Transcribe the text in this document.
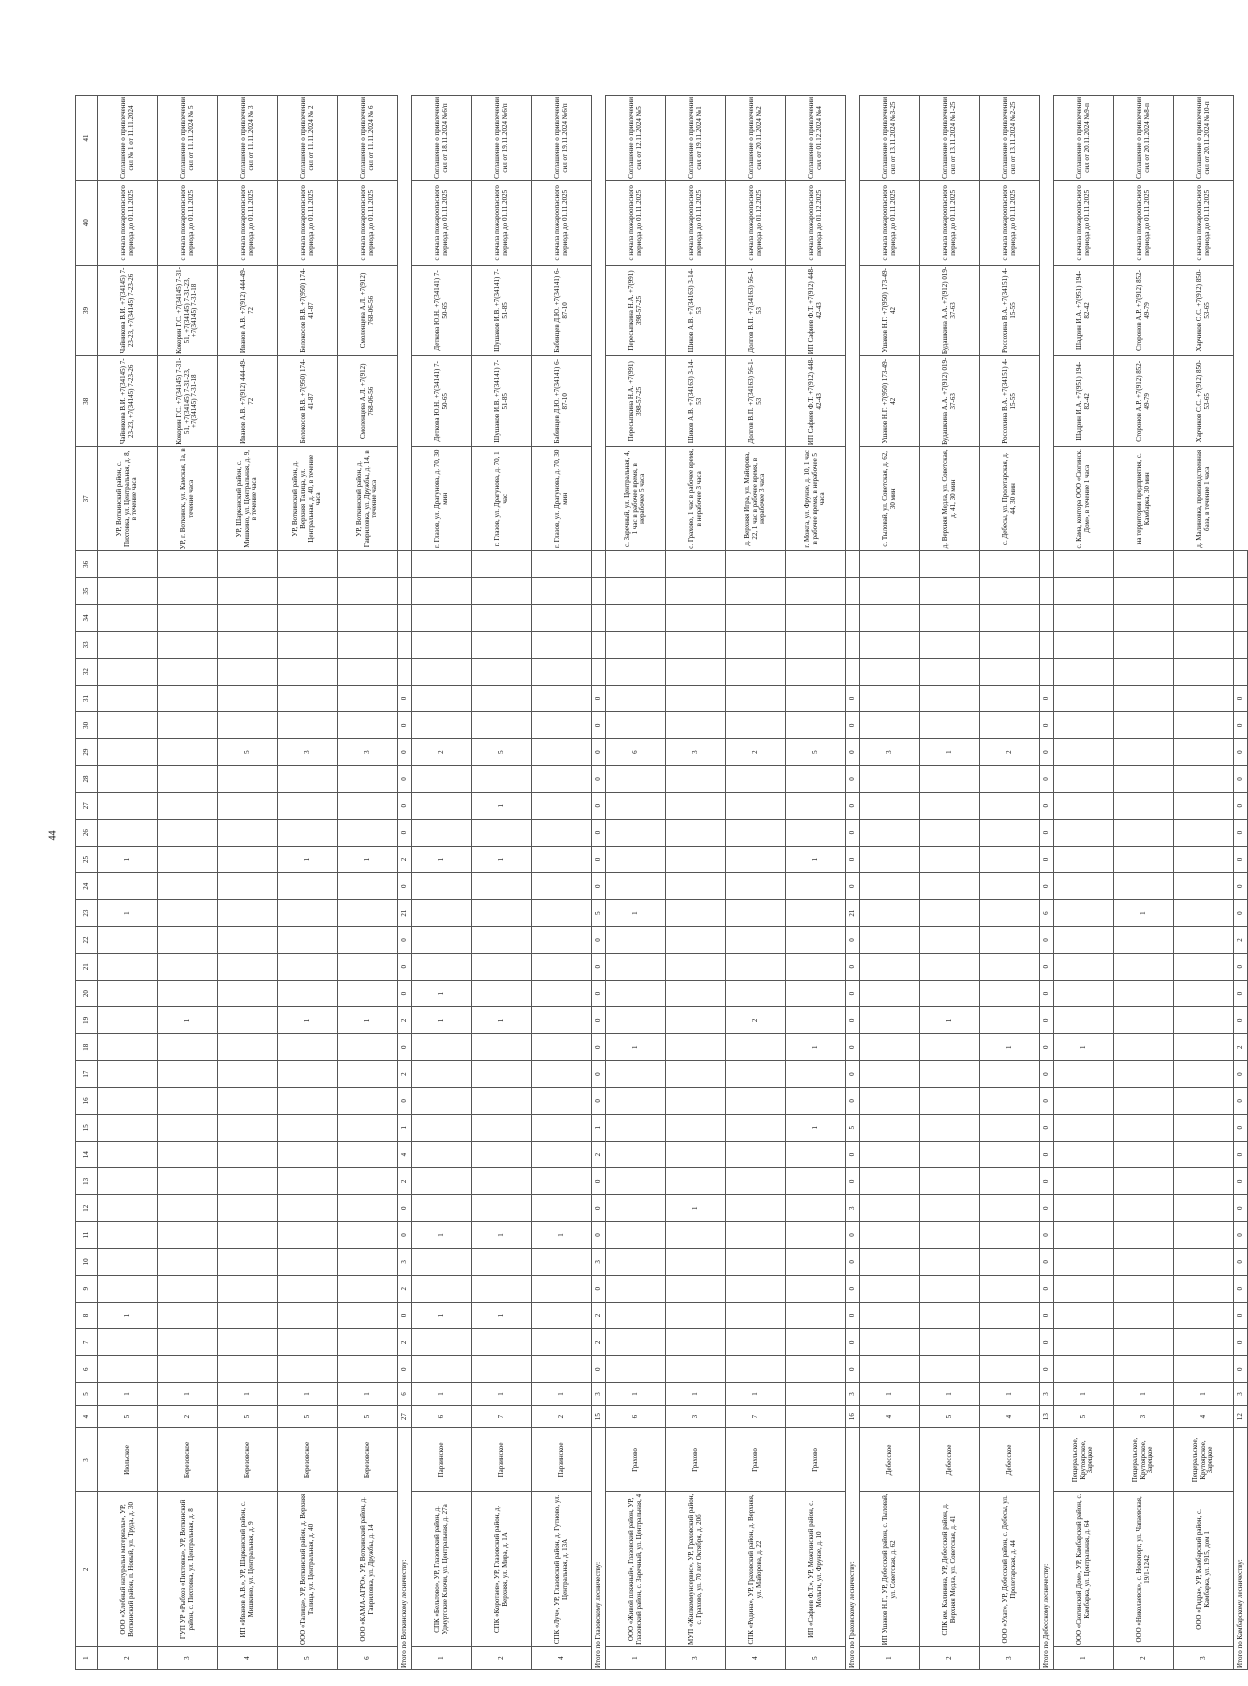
44
1	2	3	4	5	6	7	8	9	10	11	12	13	14	15	16	17	18	19	20	21	22	23	24	25	26	27	28	29	30	31	32	33	34	35	36	37	38	39	40	41
2	ООО «Хлебный натуральн материалы», УР, Воткинский район, п. Новый, ул. Труда, д. 30	Июльское	5	1			1															1		1												УР, Воткинский район, с. Пихтовка, ул. Центральная, д. 8, в течение часа	Чайникова В.И. +7(34145) 7-23-23, +7(34145) 7-23-26	Чайникова В.И. +7(34145) 7-23-23, +7(34145) 7-23-26	с начала пожароопасного периода до 01.11.2025	Соглашение о привлечении сил № 1 от 11.11.2024
3	ГУП УР «Рыбхоз «Пихтовка», УР, Воткинский район, с. Пихтовка, ул. Центральная, д. 8	Березовское	2	1														1																		УР, г. Воткинск, ул. Камская, 1а, в течение часа	Кокорин Г.С. +7(34145) 7-31-51, +7(34145) 7-31-23, +7(34145) 7-31-18	Кокорин Г.С. +7(34145) 7-31-51, +7(34145) 7-31-23, +7(34145) 7-31-18	с начала пожароопасного периода до 01.11.2025	Соглашение о привлечении сил от 11.11.2024 № 5
4	ИП «Иванов А.В.», УР, Шарканский район, с. Мишкино, ул. Центральная, д. 9	Березовское	5	1																								5								УР, Шарканский район, с. Мишкино, ул. Центральная, д. 9, в течение часа	Иванов А.В. +7(912) 444-49-72	Иванов А.В. +7(912) 444-49-72	с начала пожароопасного периода до 01.11.2025	Соглашение о привлечении сил от 11.11.2024 № 3
5	ООО «Талица», УР, Воткинский район, д. Верхняя Талица, ул. Центральная, д. 40	Березовское	5	1														1						1				3								УР, Воткинский район, д. Верхняя Талица, ул. Центральная, д. 40, в течение часа	Белокосов В.В. +7(950) 174-41-87	Белокосов В.В. +7(950) 174-41-87	с начала пожароопасного периода до 01.11.2025	Соглашение о привлечении сил от 11.11.2024 № 2
6	ООО «КАМА-АГРО», УР, Воткинский район, д. Гавриловка, ул. Дружбы, д. 14	Березовское	5	1														1						1				3								УР, Воткинский район, д. Гавриловка, ул. Дружбы, д. 14, в течение часа	Смоленцева А.Л. +7(912) 768-06-56	Смоленцева А.Л. +7(912) 768-06-56	с начала пожароопасного периода до 01.11.2025	Соглашение о привлечении сил от 11.11.2024 № 6
Итого по Воткинскому лесничеству:			27	6	0	2	0	2	3	0	0	2	4	1	0	2	0	2	0	0	0	21	0	2	0	0	0	0	0	0										
1	СПК «Бельтово», УР, Глазовский район, д. Удмуртские Ключи, ул. Центральная, д. 27а	Парзинское	6	1			1			1								1	1					1				2								г. Глазов, ул. Драгунова, д. 70, 30 мин	Деткова Ю.Н. +7(34141) 7-50-65	Деткова Ю.Н. +7(34141) 7-50-65	с начала пожароопасного периода до 01.11.2025	Соглашение о привлечении сил от 18.11.2024 №6/п
2	СПК «Коротаев», УР, Глазовский район, д. Верхняя, ул. Мира, д. 1А	Парзинское	7	1			1			1								1						1		1		5								г. Глазов, ул. Драгунова, д. 70, 1 час	Шушаков И.В. +7(34141) 7-51-85	Шушаков И.В. +7(34141) 7-51-85	с начала пожароопасного периода до 01.11.2025	Соглашение о привлечении сил от 19.11.2024 №6/п
4	СПК «Луч», УР, Глазовский район, д. Гутново, ул. Центральная, д. 13А	Парзинское	2	1						1																										г. Глазов, ул. Драгунова, д. 70, 30 мин	Бабинцев Д.Ю. +7(34141) 6-87-10	Бабинцев Д.Ю. +7(34141) 6-87-10	с начала пожароопасного периода до 01.11.2025	Соглашение о привлечении сил от 19.11.2024 №6/п
Итого по Глазовскому лесничеству:			15	3	0	2	2	0	3	0	0	0	2	1	0	0	0	0	0	0	0	5	0	0	0	0	0	0	0	0										
1	ООО «Живой пляжный», Глазовский район, УР, Глазовский район, с. Заречный, ул. Центральная, 4	Грахово	6	1													1					1						6								с. Заречный, ул. Центральная, 4, 1 час в рабочее время, в нерабочее 5 часа	Пересыпкина Н.А. +7(991) 398-57-25	Пересыпкина Н.А. +7(991) 398-57-25	с начала пожароопасного периода до 01.11.2025	Соглашение о привлечении сил от 12.11.2024 №5
3	МУП «Жилкоммунсервис», УР, Граховский район, с. Грахово, ул. 70 лет Октября, д. 20б	Грахово	3	1							1																	3								с. Грахово, 1 час в рабочее время, в нерабочее 3 часа	Шиков А.В. +7(34163) 3-14-53	Шиков А.В. +7(34163) 3-14-53	с начала пожароопасного периода до 01.11.2025	Соглашение о привлечении сил от 19.11.2024 №1
4	СПК «Родина», УР, Граховский район, д. Верхняя, ул. Майорова, д. 22	Грахово	7	1														2										2								д. Верхняя Игра, ул. Майорова, 22, 1 час в рабочее время, в нерабочее 3 часа	Долгов В.П. +7(34163) 56-1-53	Долгов В.П. +7(34163) 56-1-53	с начала пожароопасного периода до 01.12.2025	Соглашение о привлечении сил от 20.11.2024 №2
5	ИП «Сафиев Ф.Т.», УР, Можгинский район, с. Мельги, ул. Фрунзе, д. 10	Грахово												1			1							1				5								г. Можга, ул. Фрунзе, д. 10, 1 час в рабочее время, в нерабочее 5 часа	ИП Сафиев Ф.Т. +7(912) 448-42-43	ИП Сафиев Ф.Т. +7(912) 448-42-43	с начала пожароопасного периода до 01.12.2025	Соглашение о привлечении сил от 01.12.2024 №4
Итого по Граховскому лесничеству:			16	3	0	0	0	0	0	0	3	0	0	5	0	0	0	0	0	0	0	21	0	0	0	0	0	0	0	0										
1	ИП Ушаков Н.Г., УР, Дебесский район, с. Тыловай, ул. Советская, д. 62	Дебесское	4	1																								3								с. Тыловай, ул. Советская, д. 62, 30 мин	Ушаков Н.Г. +7(950) 173-49-42	Ушаков Н.Г. +7(950) 173-49-42	с начала пожароопасного периода до 01.11.2025	Соглашение о привлечении сил от 13.11.2024 №3-25
2	СПК им. Калинина, УР, Дебесский район, д. Верхняя Медла, ул. Советская, д. 41	Дебесское	5	1														1										1								д. Верхняя Медла, ул. Советская, д. 41, 30 мин	Будашкина А.А. +7(912) 019-37-63	Будашкина А.А. +7(912) 019-37-63	с начала пожароопасного периода до 01.11.2025	Соглашение о привлечении сил от 13.11.2024 №1-25
3	ООО «Ухат», УР, Дебесский район, с. Дебесы, ул. Пролетарская, д. 44	Дебесское	4	1													1											2								с. Дебесы, ул. Пролетарская, д. 44, 30 мин	Россохина В.А. +7(34151) 4-15-55	Россохина В.А. +7(34151) 4-15-55	с начала пожароопасного периода до 01.11.2025	Соглашение о привлечении сил от 13.11.2024 №2-25
Итого по Дебесскому лесничеству:			13	3	0	0	0	0	0	0	0	0	0	0	0	0	0	0	0	0	0	6	0	0	0	0	0	0	0	0										
1	ООО «Сюгинский Дом», УР, Камбарский район, с. Камбарка, ул. Центральная, д. 64	Пещеральское, Крутоярское, Зарецкое	5	1													1																			с. Кама, контора ООО «Сюгинск. Дом», в течение 1 часа	Шадрин И.А. +7(951) 194-82-42	Шадрин И.А. +7(951) 194-82-42	с начала пожароопасного периода до 01.11.2025	Соглашение о привлечении сил от 20.11.2024 №9-п
2	ООО «Николаевск», с. Новопорт, ул. Чапаевская, 19/1-1242	Пещеральское, Крутоярское, Зарецкое	3	1																		1														на территории предприятия, с. Камбарка, 30 мин	Сторонов А.Р. +7(912) 852-49-79	Сторонов А.Р. +7(912) 852-49-79	с начала пожароопасного периода до 01.11.2025	Соглашение о привлечении сил от 20.11.2024 №8-п
3	ООО «Гидра», УР, Камбарский район, с. Камбарка, ул. 1915, дом 1	Пещеральское, Крутоярское, Зарецкое	4	1																																д. Малиновка, производственная база, в течение 1 часа	Харчиков С.С. +7(912) 850-53-65	Харчиков С.С. +7(912) 850-53-65	с начала пожароопасного периода до 01.11.2025	Соглашение о привлечении сил от 20.11.2024 №10-п
Итого по Камбарскому лесничеству:			12	3	0	0	0	0	0	0	0	0	0	0	0	0	2	0	0	0	2	0	0	0	0	0	0	0	0	0										
